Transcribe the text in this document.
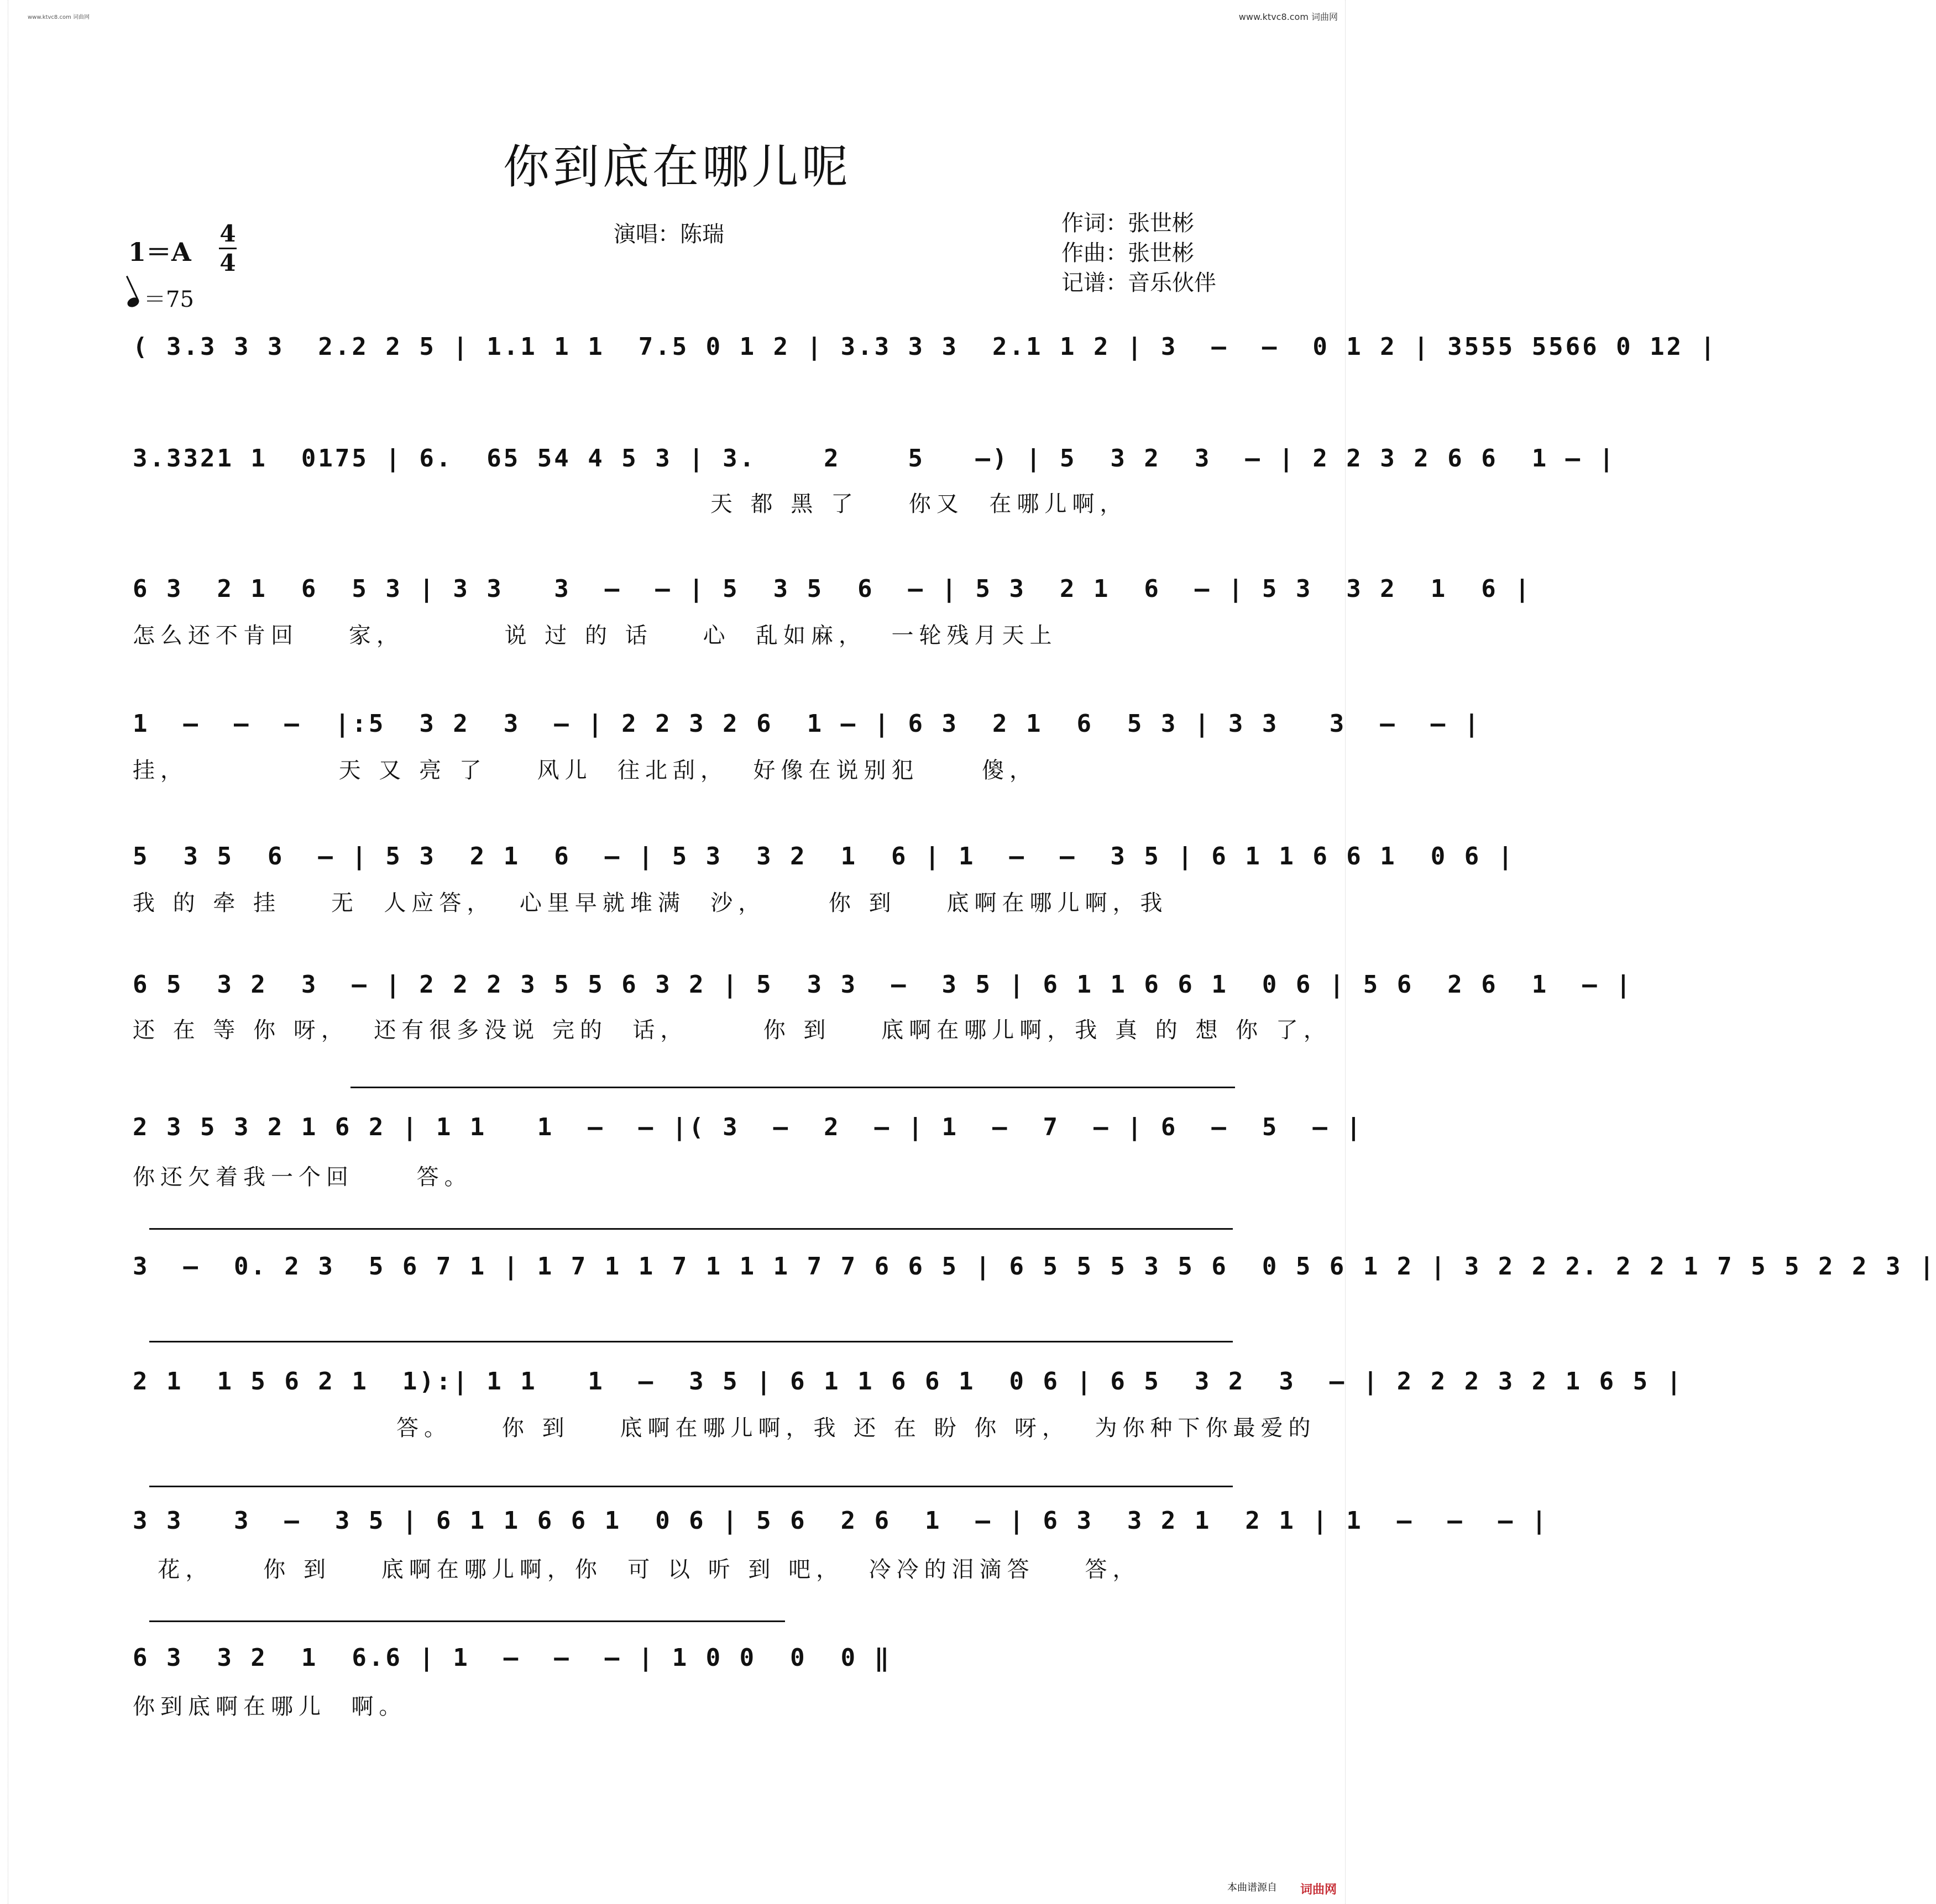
www.ktvc8.com 词曲网	www.ktvc8.com 词曲网
你到底在哪儿呢
演唱：陈瑞	作词：张世彬
作曲：张世彬
记谱：音乐伙伴
1＝A
4
4
＝75
( 3.3 3 3  2.2 2 5 | 1.1 1 1  7.5 0 1 2 | 3.3 3 3  2.1 1 2 | 3  –  –  0 1 2 | 3555 5566 0 12 |
3.3321 1  0175 | 6.  65 54 4 5 3 | 3.    2    5   –) | 5  3 2  3  – | 2 2 3 2 6 6  1 – |
天 都 黑 了    你又  在哪儿啊，
6 3  2 1  6  5 3 | 3 3   3  –  – | 5  3 5  6  – | 5 3  2 1  6  – | 5 3  3 2  1  6 |
怎么还不肯回    家，        说 过 的 话    心  乱如麻，  一轮残月天上
1  –  –  –  |:5  3 2  3  – | 2 2 3 2 6  1 – | 6 3  2 1  6  5 3 | 3 3   3  –  – |
挂，            天 又 亮 了    风儿  往北刮，  好像在说别犯     傻，
5  3 5  6  – | 5 3  2 1  6  – | 5 3  3 2  1  6 | 1  –  –  3 5 | 6 1 1 6 6 1  0 6 |
我 的 牵 挂    无  人应答，  心里早就堆满  沙，     你 到    底啊在哪儿啊，我
6 5  3 2  3  – | 2 2 2 3 5 5 6 3 2 | 5  3 3  –  3 5 | 6 1 1 6 6 1  0 6 | 5 6  2 6  1  – |
还 在 等 你 呀，  还有很多没说 完的  话，      你 到    底啊在哪儿啊，我 真 的 想 你 了，
2 3 5 3 2 1 6 2 | 1 1   1  –  – |( 3  –  2  – | 1  –  7  – | 6  –  5  – |
你还欠着我一个回     答。
3  –  0. 2 3  5 6 7 1 | 1 7 1 1 7 1 1 1 7 7 6 6 5 | 6 5 5 5 3 5 6  0 5 6 1 2 | 3 2 2 2. 2 2 1 7 5 5 2 2 3 |
2 1  1 5 6 2 1  1):| 1 1   1  –  3 5 | 6 1 1 6 6 1  0 6 | 6 5  3 2  3  – | 2 2 2 3 2 1 6 5 |
答。    你 到    底啊在哪儿啊，我 还 在 盼 你 呀，  为你种下你最爱的
3 3   3  –  3 5 | 6 1 1 6 6 1  0 6 | 5 6  2 6  1  – | 6 3  3 2 1  2 1 | 1  –  –  – |
花，    你 到    底啊在哪儿啊，你  可 以 听 到 吧，  冷冷的泪滴答    答，
6 3  3 2  1  6.6 | 1  –  –  – | 1 0 0  0  0 ‖
你到底啊在哪儿  啊。
本曲谱源自 词曲网
